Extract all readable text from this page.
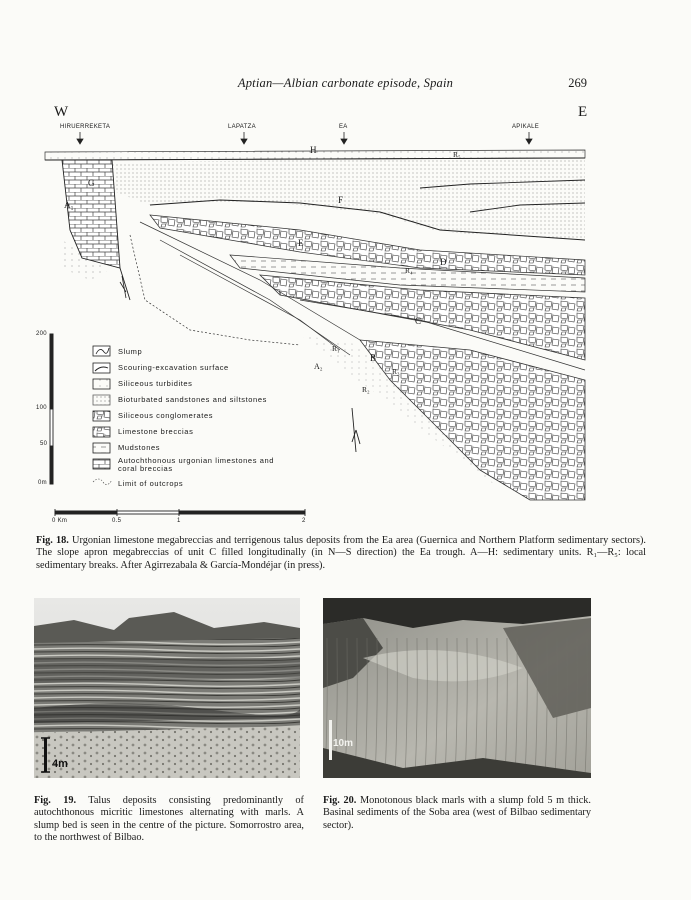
Aptian—Albian carbonate episode, Spain	269
W	E
HIRUERREKETA	LAPATZA	EA	APIKALE
H
F
E
D
C
B
G
A₁
A₂
R₁
R₂
R₃
R₄
R₅
200
100
50
0m
0 Km	0.5	1	2
Slump
Scouring-excavation surface
Siliceous turbidites
Bioturbated sandstones and siltstones
Siliceous conglomerates
Limestone breccias
Mudstones
Autochthonous urgonian limestones and coral breccias
Limit of outcrops
Fig. 18. Urgonian limestone megabreccias and terrigenous talus deposits from the Ea area (Guernica and Northern Platform sedimentary sectors). The slope apron megabreccias of unit C filled longitudinally (in N—S direction) the Ea trough. A—H: sedimentary units. R₁—R₅: local sedimentary breaks. After Agirrezabala & García-Mondéjar (in press).
4m
10m
Fig. 19. Talus deposits consisting predominantly of autochthonous micritic limestones alternating with marls. A slump bed is seen in the centre of the picture. Somorrostro area, to the northwest of Bilbao.
Fig. 20. Monotonous black marls with a slump fold 5 m thick. Basinal sediments of the Soba area (west of Bilbao sedimentary sector).
